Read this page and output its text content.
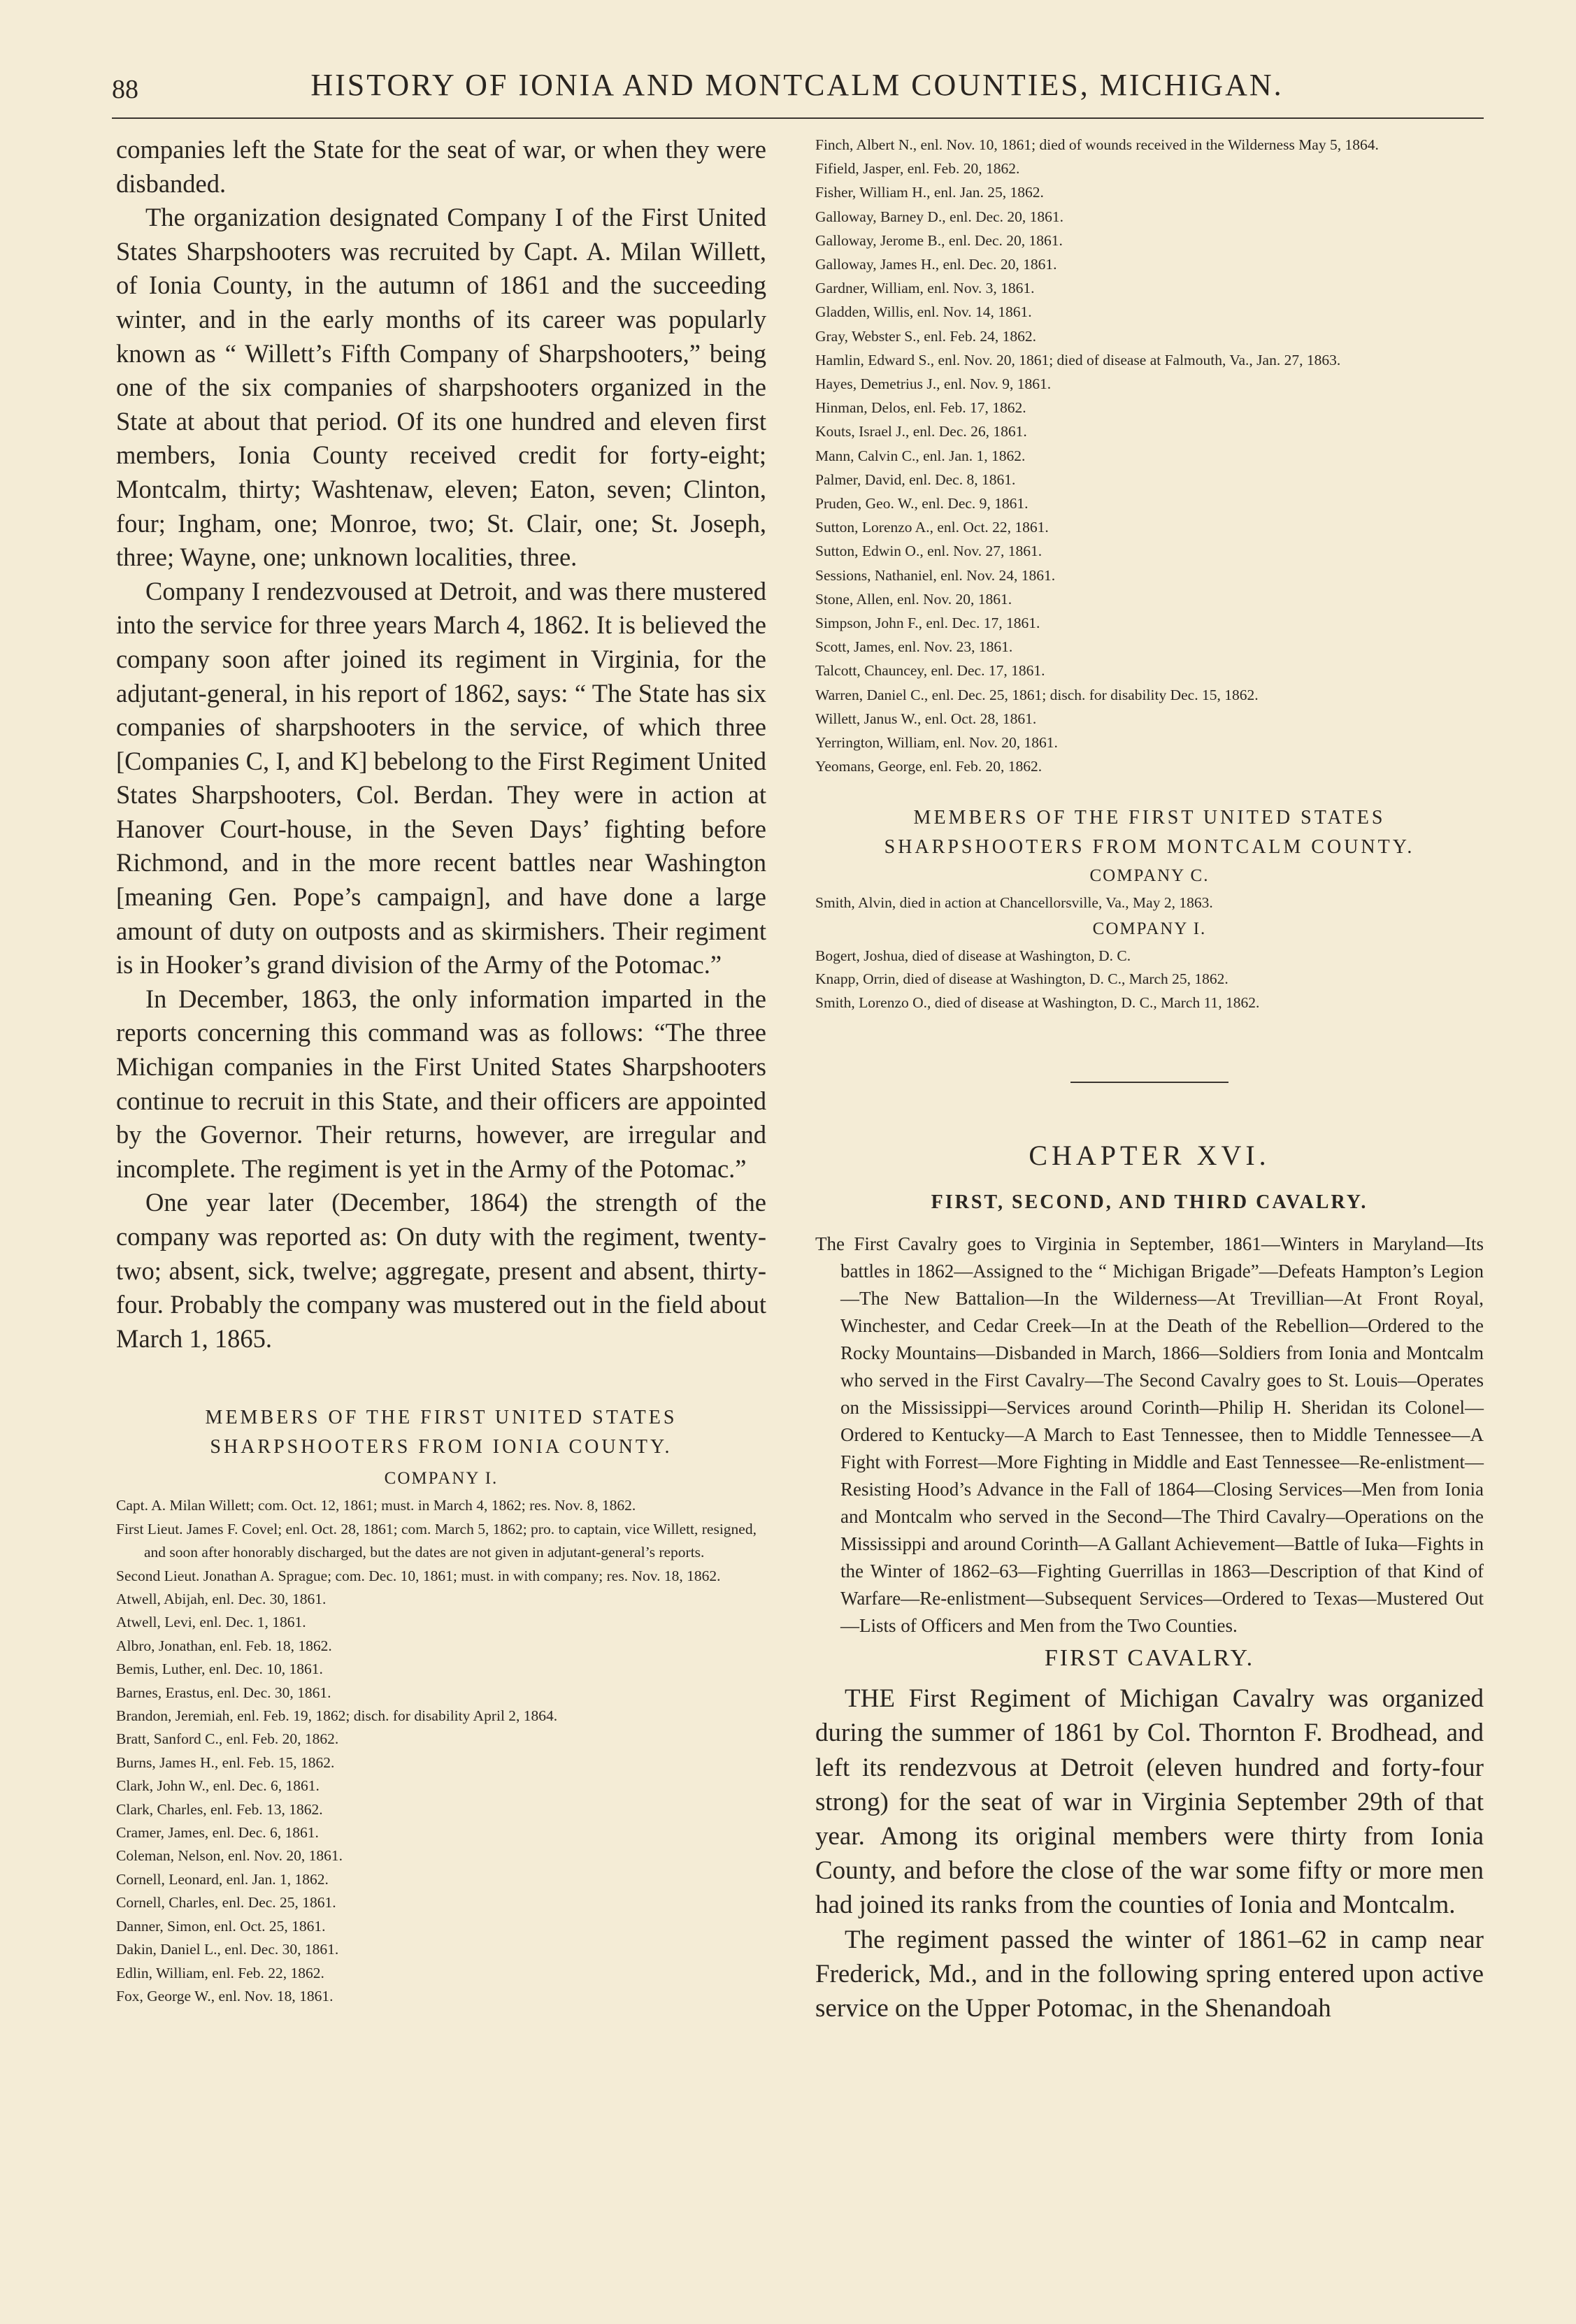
88	HISTORY OF IONIA AND MONTCALM COUNTIES, MICHIGAN.

companies left the State for the seat of war, or when they were disbanded.

The organization designated Company I of the First United States Sharpshooters was recruited by Capt. A. Milan Willett, of Ionia County, in the autumn of 1861 and the succeeding winter, and in the early months of its career was popularly known as “ Willett’s Fifth Company of Sharpshooters,” being one of the six companies of sharpshooters organized in the State at about that period. Of its one hundred and eleven first members, Ionia County received credit for forty-eight; Montcalm, thirty; Washtenaw, eleven; Eaton, seven; Clinton, four; Ingham, one; Monroe, two; St. Clair, one; St. Joseph, three; Wayne, one; unknown localities, three.

Company I rendezvoused at Detroit, and was there mustered into the service for three years March 4, 1862. It is believed the company soon after joined its regiment in Virginia, for the adjutant-general, in his report of 1862, says: “ The State has six companies of sharpshooters in the service, of which three [Companies C, I, and K] bebelong to the First Regiment United States Sharpshooters, Col. Berdan. They were in action at Hanover Court-house, in the Seven Days’ fighting before Richmond, and in the more recent battles near Washington [meaning Gen. Pope’s campaign], and have done a large amount of duty on outposts and as skirmishers. Their regiment is in Hooker’s grand division of the Army of the Potomac.”

In December, 1863, the only information imparted in the reports concerning this command was as follows: “The three Michigan companies in the First United States Sharpshooters continue to recruit in this State, and their officers are appointed by the Governor. Their returns, however, are irregular and incomplete. The regiment is yet in the Army of the Potomac.”

One year later (December, 1864) the strength of the company was reported as: On duty with the regiment, twenty-two; absent, sick, twelve; aggregate, present and absent, thirty-four. Probably the company was mustered out in the field about March 1, 1865.

MEMBERS OF THE FIRST UNITED STATES SHARPSHOOTERS FROM IONIA COUNTY.
COMPANY I.
Capt. A. Milan Willett; com. Oct. 12, 1861; must. in March 4, 1862; res. Nov. 8, 1862.
First Lieut. James F. Covel; enl. Oct. 28, 1861; com. March 5, 1862; pro. to captain, vice Willett, resigned, and soon after honorably discharged, but the dates are not given in adjutant-general’s reports.
Second Lieut. Jonathan A. Sprague; com. Dec. 10, 1861; must. in with company; res. Nov. 18, 1862.
Atwell, Abijah, enl. Dec. 30, 1861.
Atwell, Levi, enl. Dec. 1, 1861.
Albro, Jonathan, enl. Feb. 18, 1862.
Bemis, Luther, enl. Dec. 10, 1861.
Barnes, Erastus, enl. Dec. 30, 1861.
Brandon, Jeremiah, enl. Feb. 19, 1862; disch. for disability April 2, 1864.
Bratt, Sanford C., enl. Feb. 20, 1862.
Burns, James H., enl. Feb. 15, 1862.
Clark, John W., enl. Dec. 6, 1861.
Clark, Charles, enl. Feb. 13, 1862.
Cramer, James, enl. Dec. 6, 1861.
Coleman, Nelson, enl. Nov. 20, 1861.
Cornell, Leonard, enl. Jan. 1, 1862.
Cornell, Charles, enl. Dec. 25, 1861.
Danner, Simon, enl. Oct. 25, 1861.
Dakin, Daniel L., enl. Dec. 30, 1861.
Edlin, William, enl. Feb. 22, 1862.
Fox, George W., enl. Nov. 18, 1861.
Finch, Albert N., enl. Nov. 10, 1861; died of wounds received in the Wilderness May 5, 1864.
Fifield, Jasper, enl. Feb. 20, 1862.
Fisher, William H., enl. Jan. 25, 1862.
Galloway, Barney D., enl. Dec. 20, 1861.
Galloway, Jerome B., enl. Dec. 20, 1861.
Galloway, James H., enl. Dec. 20, 1861.
Gardner, William, enl. Nov. 3, 1861.
Gladden, Willis, enl. Nov. 14, 1861.
Gray, Webster S., enl. Feb. 24, 1862.
Hamlin, Edward S., enl. Nov. 20, 1861; died of disease at Falmouth, Va., Jan. 27, 1863.
Hayes, Demetrius J., enl. Nov. 9, 1861.
Hinman, Delos, enl. Feb. 17, 1862.
Kouts, Israel J., enl. Dec. 26, 1861.
Mann, Calvin C., enl. Jan. 1, 1862.
Palmer, David, enl. Dec. 8, 1861.
Pruden, Geo. W., enl. Dec. 9, 1861.
Sutton, Lorenzo A., enl. Oct. 22, 1861.
Sutton, Edwin O., enl. Nov. 27, 1861.
Sessions, Nathaniel, enl. Nov. 24, 1861.
Stone, Allen, enl. Nov. 20, 1861.
Simpson, John F., enl. Dec. 17, 1861.
Scott, James, enl. Nov. 23, 1861.
Talcott, Chauncey, enl. Dec. 17, 1861.
Warren, Daniel C., enl. Dec. 25, 1861; disch. for disability Dec. 15, 1862.
Willett, Janus W., enl. Oct. 28, 1861.
Yerrington, William, enl. Nov. 20, 1861.
Yeomans, George, enl. Feb. 20, 1862.
MEMBERS OF THE FIRST UNITED STATES SHARPSHOOTERS FROM MONTCALM COUNTY.
COMPANY C.
Smith, Alvin, died in action at Chancellorsville, Va., May 2, 1863.
COMPANY I.
Bogert, Joshua, died of disease at Washington, D. C.
Knapp, Orrin, died of disease at Washington, D. C., March 25, 1862.
Smith, Lorenzo O., died of disease at Washington, D. C., March 11, 1862.
CHAPTER XVI.
FIRST, SECOND, AND THIRD CAVALRY.

The First Cavalry goes to Virginia in September, 1861—Winters in Maryland—Its battles in 1862—Assigned to the “ Michigan Brigade”—Defeats Hampton’s Legion—The New Battalion—In the Wilderness—At Trevillian—At Front Royal, Winchester, and Cedar Creek—In at the Death of the Rebellion—Ordered to the Rocky Mountains—Disbanded in March, 1866—Soldiers from Ionia and Montcalm who served in the First Cavalry—The Second Cavalry goes to St. Louis—Operates on the Mississippi—Services around Corinth—Philip H. Sheridan its Colonel—Ordered to Kentucky—A March to East Tennessee, then to Middle Tennessee—A Fight with Forrest—More Fighting in Middle and East Tennessee—Re-enlistment—Resisting Hood’s Advance in the Fall of 1864—Closing Services—Men from Ionia and Montcalm who served in the Second—The Third Cavalry—Operations on the Mississippi and around Corinth—A Gallant Achievement—Battle of Iuka—Fights in the Winter of 1862–63—Fighting Guerrillas in 1863—Description of that Kind of Warfare—Re-enlistment—Subsequent Services—Ordered to Texas—Mustered Out—Lists of Officers and Men from the Two Counties.

FIRST CAVALRY.

THE First Regiment of Michigan Cavalry was organized during the summer of 1861 by Col. Thornton F. Brodhead, and left its rendezvous at Detroit (eleven hundred and forty-four strong) for the seat of war in Virginia September 29th of that year. Among its original members were thirty from Ionia County, and before the close of the war some fifty or more men had joined its ranks from the counties of Ionia and Montcalm.

The regiment passed the winter of 1861–62 in camp near Frederick, Md., and in the following spring entered upon active service on the Upper Potomac, in the Shenandoah
